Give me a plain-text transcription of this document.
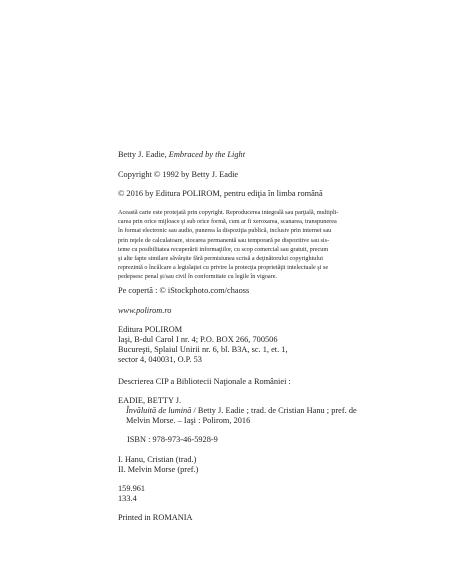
Betty J. Eadie, Embraced by the Light
Copyright © 1992 by Betty J. Eadie
© 2016 by Editura POLIROM, pentru ediţia în limba română
Această carte este protejată prin copyright. Reproducerea integrală sau parţială, multipli-
carea prin orice mijloace şi sub orice formă, cum ar fi xeroxarea, scanarea, transpunerea
în format electronic sau audio, punerea la dispoziţia publică, inclusiv prin internet sau
prin reţele de calculatoare, stocarea permanentă sau temporară pe dispozitive sau sis-
teme cu posibilitatea recuperării informaţiilor, cu scop comercial sau gratuit, precum
şi alte fapte similare săvârşite fără permisiunea scrisă a deţinătorului copyrightului
reprezintă o încălcare a legislaţiei cu privire la protecţia proprietăţii intelectuale şi se
pedepsesc penal şi/sau civil în conformitate cu legile în vigoare.
Pe copertă : © iStockphoto.com/chaoss
www.polirom.ro
Editura POLIROM
Iaşi, B-dul Carol I nr. 4; P.O. BOX 266, 700506
Bucureşti, Splaiul Unirii nr. 6, bl. B3A, sc. 1, et. 1,
sector 4, 040031, O.P. 53
Descrierea CIP a Bibliotecii Naţionale a României :
EADIE, BETTY J.
Învăluită de lumină / Betty J. Eadie ; trad. de Cristian Hanu ; pref. de
Melvin Morse. – Iaşi : Polirom, 2016
ISBN : 978-973-46-5928-9
I. Hanu, Cristian (trad.)
II. Melvin Morse (pref.)
159.961
133.4
Printed in ROMANIA
